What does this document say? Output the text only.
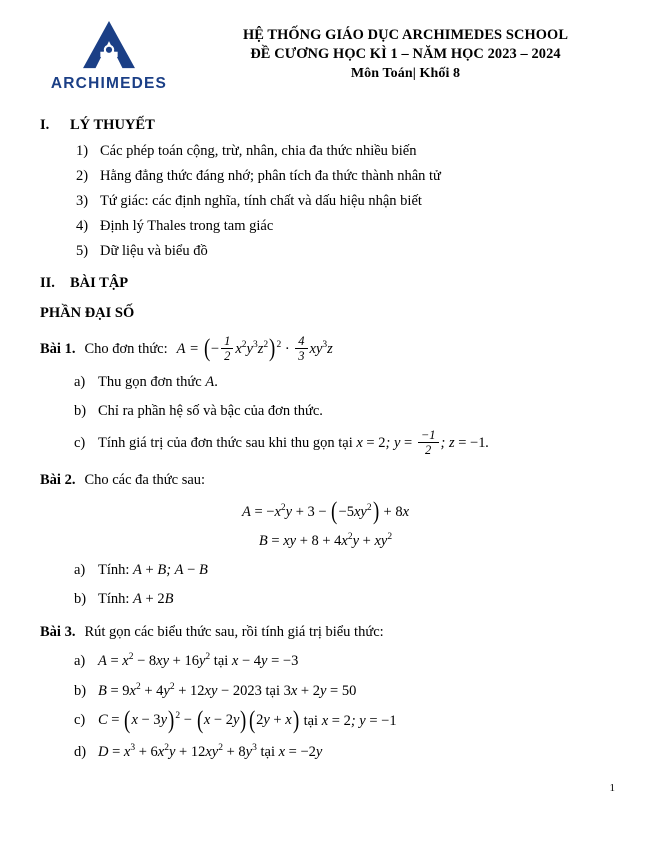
ARCHIMEDES
HỆ THỐNG GIÁO DỤC ARCHIMEDES SCHOOL
ĐỀ CƯƠNG HỌC KÌ 1 – NĂM HỌC 2023 – 2024
Môn Toán| Khối 8
I.	LÝ THUYẾT
1) Các phép toán cộng, trừ, nhân, chia đa thức nhiều biến
2) Hằng đẳng thức đáng nhớ; phân tích đa thức thành nhân tử
3) Tứ giác: các định nghĩa, tính chất và dấu hiệu nhận biết
4) Định lý Thales trong tam giác
5) Dữ liệu và biểu đồ
II. BÀI TẬP
PHẦN ĐẠI SỐ
Bài 1. Cho đơn thức: A = (− $\frac{1}{2} x^2y^3z^2)^2 \cdot \frac{4}{3} xy^3z$
a) Thu gọn đơn thức A.
b) Chỉ ra phần hệ số và bậc của đơn thức.
c) Tính giá trị của đơn thức sau khi thu gọn tại x = 2; $y = \frac{-1}{2}$ ; z = −1.
Bài 2. Cho các đa thức sau:
$A = -x^2y + 3 - (-5xy^2) + 8x$
B = xy + $8 + 4x^2y + xy^2$
a) Tính: A + B; A − B
b) Tính: A + 2B
Bài 3. Rút gọn các biểu thức sau, rồi tính giá trị biểu thức:
a) $A = x^2 - 8xy + 16y^2$ tại x − 4y = −3
b) $B = 9x^2 + 4y^2 + 12xy - 2023$ tại 3x + 2y = 50
c) $C = (x - 3y)^2 - (x - 2y)(2y + x)$ tại x = 2; y = −1
d) $D = x^3 + 6x^2y + 12xy^2 + 8y^3$ tại x = −2y
1
